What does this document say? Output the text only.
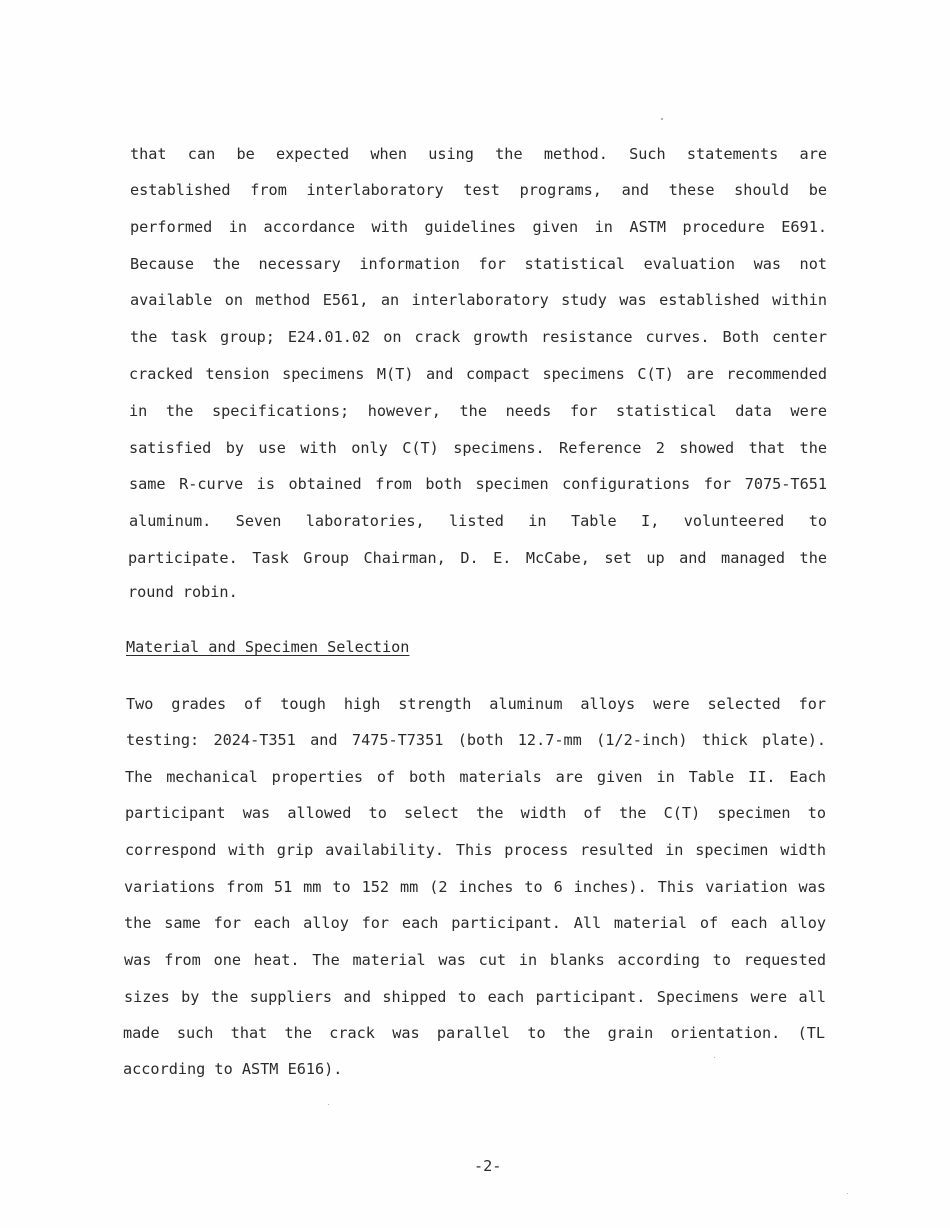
that can be expected when using the method. Such statements are
established from interlaboratory test programs, and these should be
performed in accordance with guidelines given in ASTM procedure E691.
Because the necessary information for statistical evaluation was not
available on method E561, an interlaboratory study was established within
the task group; E24.01.02 on crack growth resistance curves. Both center
cracked tension specimens M(T) and compact specimens C(T) are recommended
in the specifications; however, the needs for statistical data were
satisfied by use with only C(T) specimens. Reference 2 showed that the
same R-curve is obtained from both specimen configurations for 7075-T651
aluminum. Seven laboratories, listed in Table I, volunteered to
participate. Task Group Chairman, D. E. McCabe, set up and managed the
round robin.
Material and Specimen Selection
Two grades of tough high strength aluminum alloys were selected for
testing: 2024-T351 and 7475-T7351 (both 12.7-mm (1/2-inch) thick plate).
The mechanical properties of both materials are given in Table II. Each
participant was allowed to select the width of the C(T) specimen to
correspond with grip availability. This process resulted in specimen width
variations from 51 mm to 152 mm (2 inches to 6 inches). This variation was
the same for each alloy for each participant. All material of each alloy
was from one heat. The material was cut in blanks according to requested
sizes by the suppliers and shipped to each participant. Specimens were all
made such that the crack was parallel to the grain orientation. (TL
according to ASTM E616).
-2-
